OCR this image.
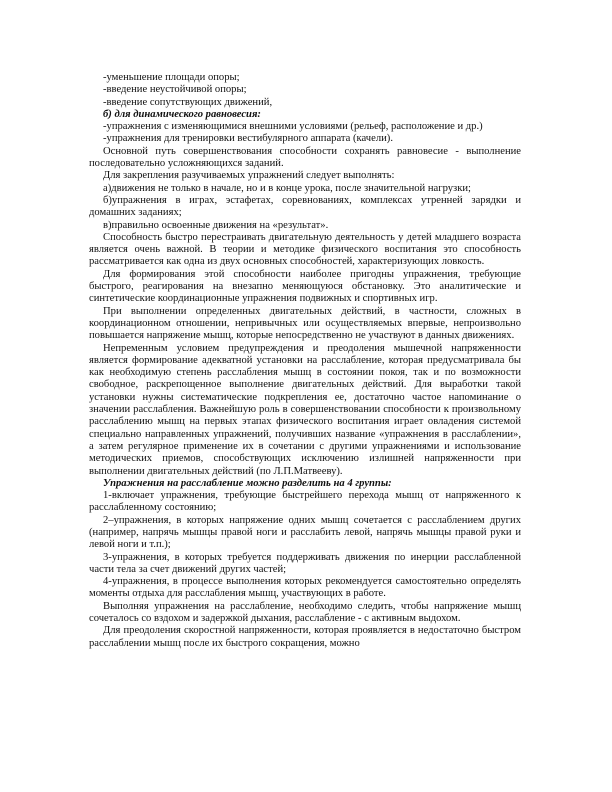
-уменьшение площади опоры;

-введение неустойчивой опоры;

-введение сопутствующих движений,

б) для динамического равновесия:

-упражнения с изменяющимися внешними условиями (рельеф, расположение и др.)

-упражнения для тренировки вестибулярного аппарата (качели).

Основной путь совершенствования способности сохранять равновесие - выполнение последовательно усложняющихся заданий.

Для закрепления разучиваемых упражнений следует выполнять:

а)движения не только в начале, но и в конце урока, после значительной нагрузки;

б)упражнения в играх, эстафетах, соревнованиях, комплексах утренней зарядки и домашних заданиях;

в)правильно освоенные движения на «результат».

Способность быстро перестраивать двигательную деятельность у детей младшего возраста является очень важной. В теории и методике физического воспитания это способность рассматривается как одна из двух основных способностей, характеризующих ловкость.

Для формирования этой способности наиболее пригодны упражнения, требующие быстрого, реагирования на внезапно меняющуюся обстановку. Это аналитические и синтетические координационные упражнения подвижных и спортивных игр.

При выполнении определенных двигательных действий, в частности, сложных в координационном отношении, непривычных или осуществляемых впервые, непроизвольно повышается напряжение мышц, которые непосредственно не участвуют в данных движениях.

Непременным условием предупреждения и преодоления мышечной напряженности является формирование адекватной установки на расслабление, которая предусматривала бы как необходимую степень расслабления мышц в состоянии покоя, так и по возможности свободное, раскрепощенное выполнение двигательных действий. Для выработки такой установки нужны систематические подкрепления ее, достаточно частое напоминание о значении расслабления. Важнейшую роль в совершенствовании способности к произвольному расслаблению мышц на первых этапах физического воспитания играет овладения системой специально направленных упражнений, получивших название «упражнения в расслаблении», а затем регулярное применение их в сочетании с другими упражнениями и использование методических приемов, способствующих исключению излишней напряженности при выполнении двигательных действий (по Л.П.Матвееву).

Упражнения на расслабление можно разделить на 4 группы:

1-включает упражнения, требующие быстрейшего перехода мышц от напряженного к расслабленному состоянию;

2–упражнения, в которых напряжение одних мышц сочетается с расслаблением других (например, напрячь мышцы правой ноги и расслабить левой, напрячь мышцы правой руки и левой ноги и т.п.);

3-упражнения, в которых требуется поддерживать движения по инерции расслабленной части тела за счет движений других частей;

4-упражнения, в процессе выполнения которых рекомендуется самостоятельно определять моменты отдыха для расслабления мышц, участвующих в работе.

Выполняя упражнения на расслабление, необходимо следить, чтобы напряжение мышц сочеталось со вздохом и задержкой дыхания, расслабление - с активным выдохом.

Для преодоления скоростной напряженности, которая проявляется в недостаточно быстром расслаблении мышц после их быстрого сокращения, можно
